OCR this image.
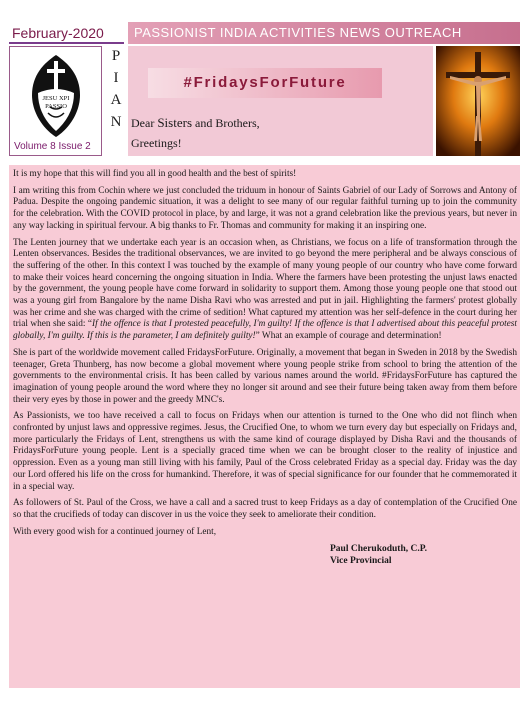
February-2020	PASSIONIST INDIA ACTIVITIES NEWS OUTREACH
JESU XPI
PASSIO
Volume 8 Issue 2
P
I
A
N
#FridaysForFuture
Dear Sisters and Brothers,
Greetings!

It is my hope that this will find you all in good health and the best of spirits!

I am writing this from Cochin where we just concluded the triduum in honour of Saints Gabriel of our Lady of Sorrows and Antony of Padua. Despite the ongoing pandemic situation, it was a delight to see many of our regular faithful turning up to join the community for the celebration. With the COVID protocol in place, by and large, it was not a grand celebration like the previous years, but never in any way lacking in spiritual fervour. A big thanks to Fr. Thomas and community for making it an inspiring one.

The Lenten journey that we undertake each year is an occasion when, as Christians, we focus on a life of transformation through the Lenten observances. Besides the traditional observances, we are invited to go beyond the mere peripheral and be always conscious of the suffering of the other. In this context I was touched by the example of many young people of our country who have come forward to make their voices heard concerning the ongoing situation in India. Where the farmers have been protesting the unjust laws enacted by the government, the young people have come forward in solidarity to support them. Among those young people one that stood out was a young girl from Bangalore by the name Disha Ravi who was arrested and put in jail. Highlighting the farmers' protest globally was her crime and she was charged with the crime of sedition! What captured my attention was her self-defence in the court during her trial when she said: “If the offence is that I protested peacefully, I'm guilty! If the offence is that I advertised about this peaceful protest globally, I'm guilty. If this is the parameter, I am definitely guilty!” What an example of courage and determination!

She is part of the worldwide movement called FridaysForFuture. Originally, a movement that began in Sweden in 2018 by the Swedish teenager, Greta Thunberg, has now become a global movement where young people strike from school to bring the attention of the governments to the environmental crisis. It has been called by various names around the world. #FridaysForFuture has captured the imagination of young people around the word where they no longer sit around and see their future being taken away from them before their very eyes by those in power and the greedy MNC's.

As Passionists, we too have received a call to focus on Fridays when our attention is turned to the One who did not flinch when confronted by unjust laws and oppressive regimes. Jesus, the Crucified One, to whom we turn every day but especially on Fridays and, more particularly the Fridays of Lent, strengthens us with the same kind of courage displayed by Disha Ravi and the thousands of FridaysForFuture young people. Lent is a specially graced time when we can be brought closer to the reality of injustice and oppression. Even as a young man still living with his family, Paul of the Cross celebrated Friday as a special day. Friday was the day our Lord offered his life on the cross for humankind. Therefore, it was of special significance for our founder that he commemorated it in a special way.

As followers of St. Paul of the Cross, we have a call and a sacred trust to keep Fridays as a day of contemplation of the Crucified One so that the crucifieds of today can discover in us the voice they seek to ameliorate their condition.

With every good wish for a continued journey of Lent,

Paul Cherukoduth, C.P.
Vice Provincial
